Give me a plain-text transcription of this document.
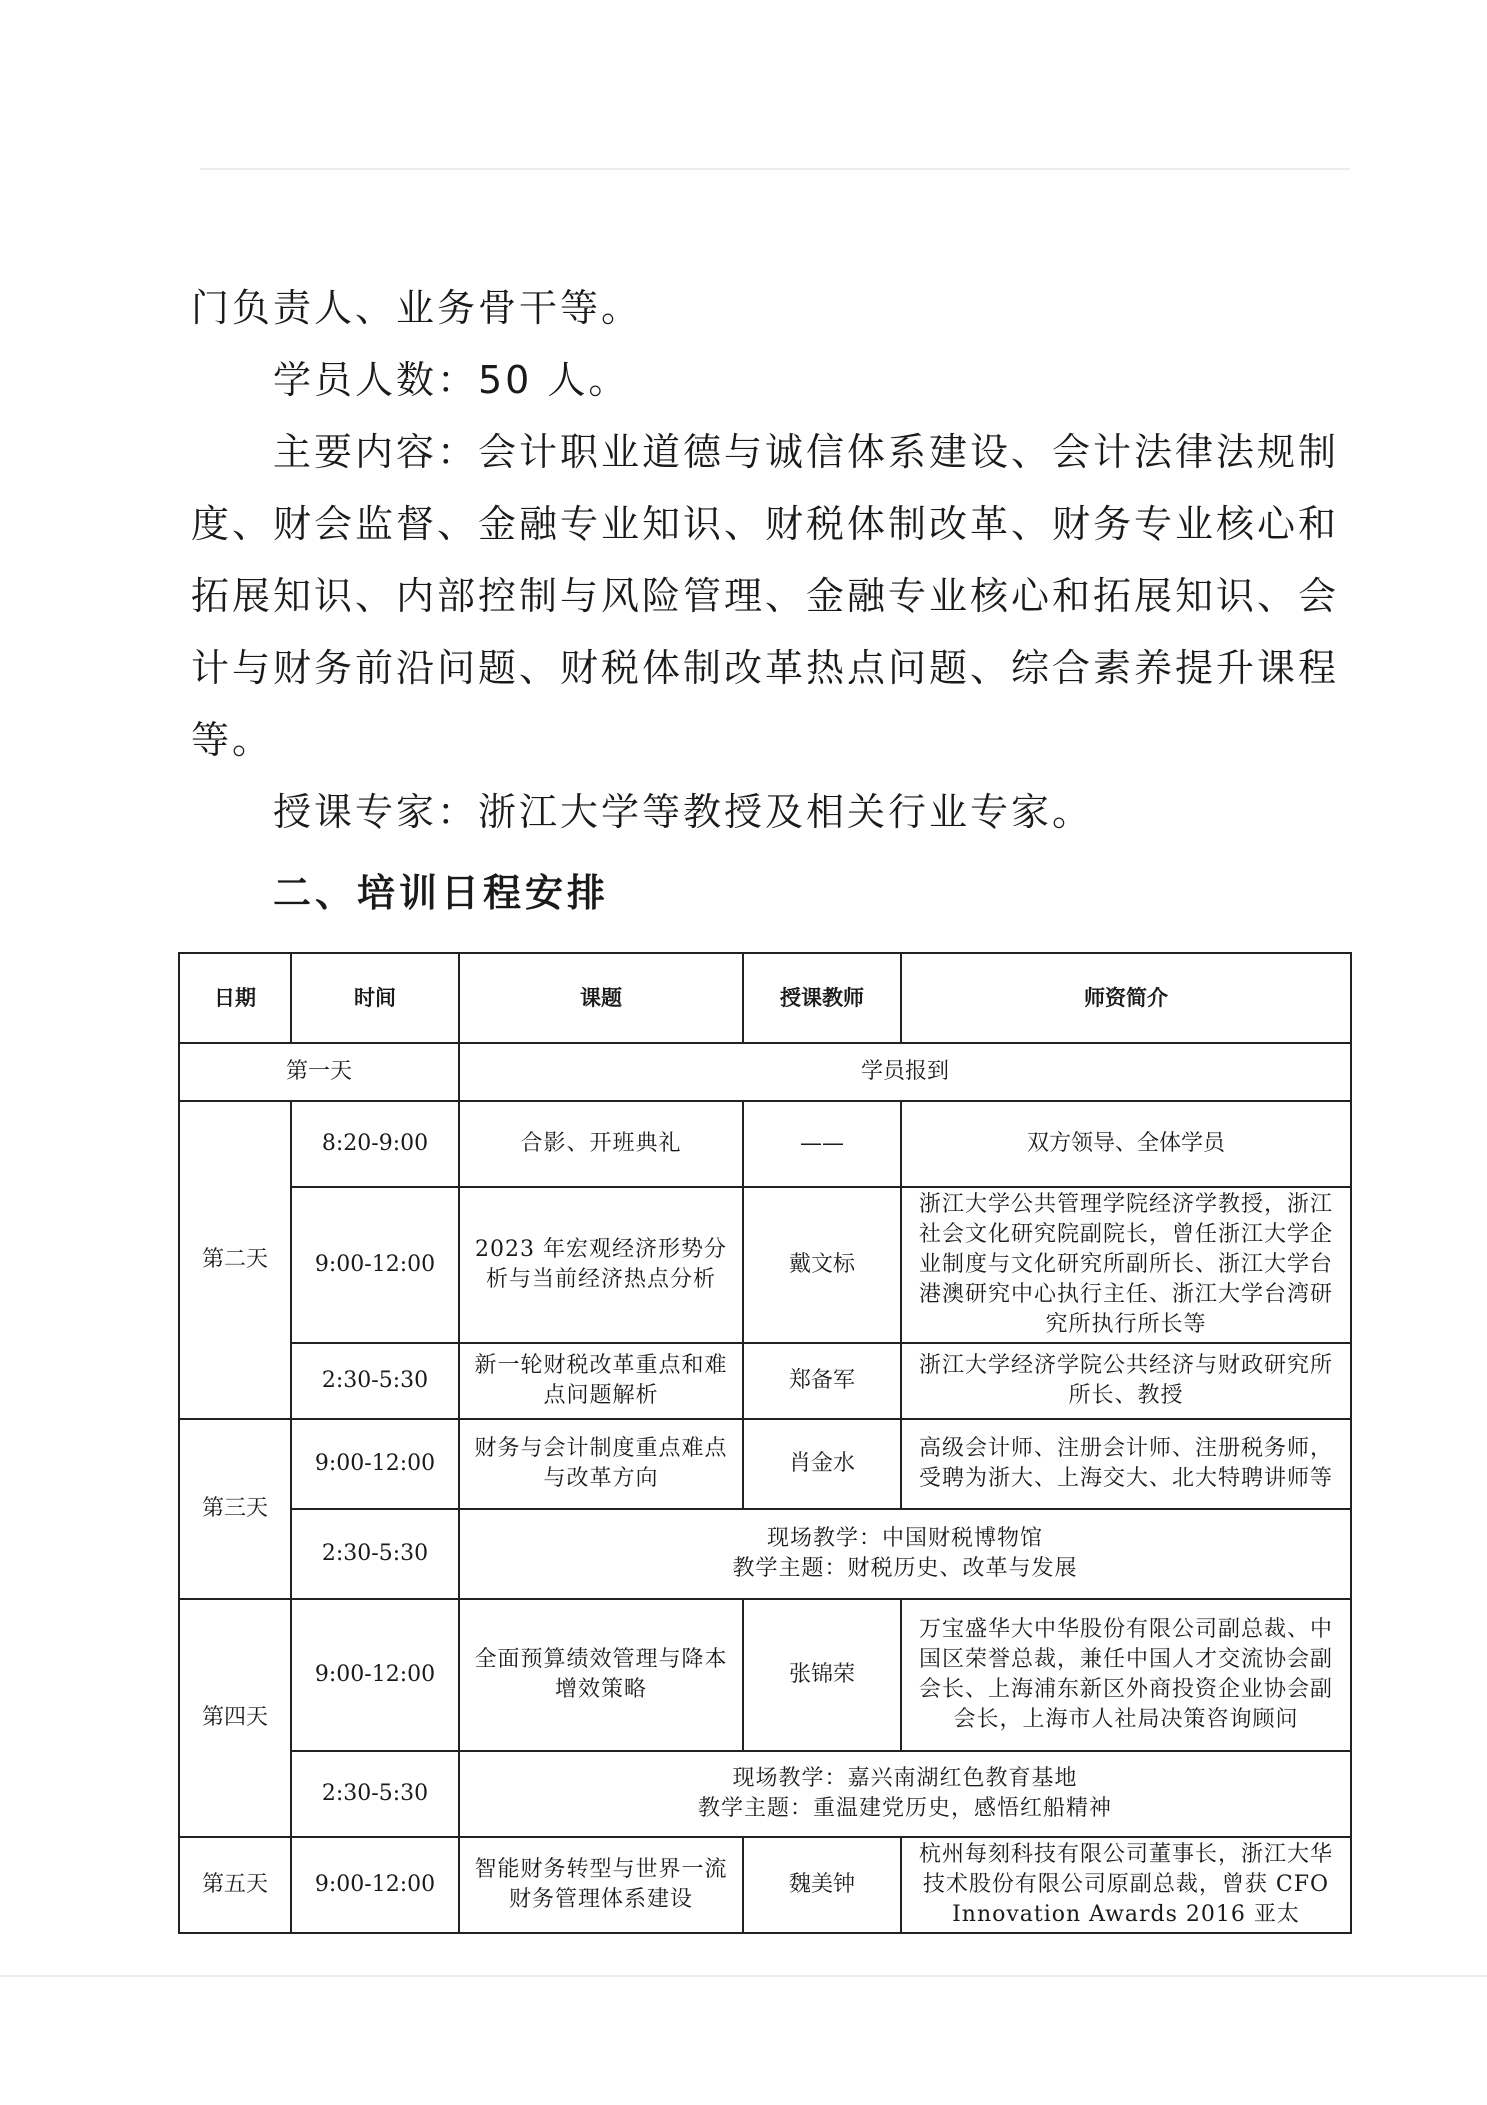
门负责人、业务骨干等。
学员人数：50 人。
主要内容：会计职业道德与诚信体系建设、会计法律法规制
度、财会监督、金融专业知识、财税体制改革、财务专业核心和
拓展知识、内部控制与风险管理、金融专业核心和拓展知识、会
计与财务前沿问题、财税体制改革热点问题、综合素养提升课程
等。
授课专家：浙江大学等教授及相关行业专家。
二、培训日程安排
日期	时间	课题	授课教师	师资简介
第一天		学员报到		
第二天	8:20-9:00	合影、开班典礼	——	双方领导、全体学员
	9:00-12:00	2023 年宏观经济形势分析与当前经济热点分析	戴文标	浙江大学公共管理学院经济学教授，浙江社会文化研究院副院长，曾任浙江大学企业制度与文化研究所副所长、浙江大学台港澳研究中心执行主任、浙江大学台湾研究所执行所长等
	2:30-5:30	新一轮财税改革重点和难点问题解析	郑备军	浙江大学经济学院公共经济与财政研究所所长、教授
第三天	9:00-12:00	财务与会计制度重点难点与改革方向	肖金水	高级会计师、注册会计师、注册税务师，受聘为浙大、上海交大、北大特聘讲师等
	2:30-5:30	现场教学：中国财税博物馆
教学主题：财税历史、改革与发展		

第四天	9:00-12:00	全面预算绩效管理与降本增效策略	张锦荣	万宝盛华大中华股份有限公司副总裁、中国区荣誉总裁，兼任中国人才交流协会副会长、上海浦东新区外商投资企业协会副会长，上海市人社局决策咨询顾问
	2:30-5:30	现场教学：嘉兴南湖红色教育基地
教学主题：重温建党历史，感悟红船精神		

第五天	9:00-12:00	智能财务转型与世界一流财务管理体系建设	魏美钟	杭州每刻科技有限公司董事长，浙江大华技术股份有限公司原副总裁，曾获 CFO Innovation Awards 2016 亚太
